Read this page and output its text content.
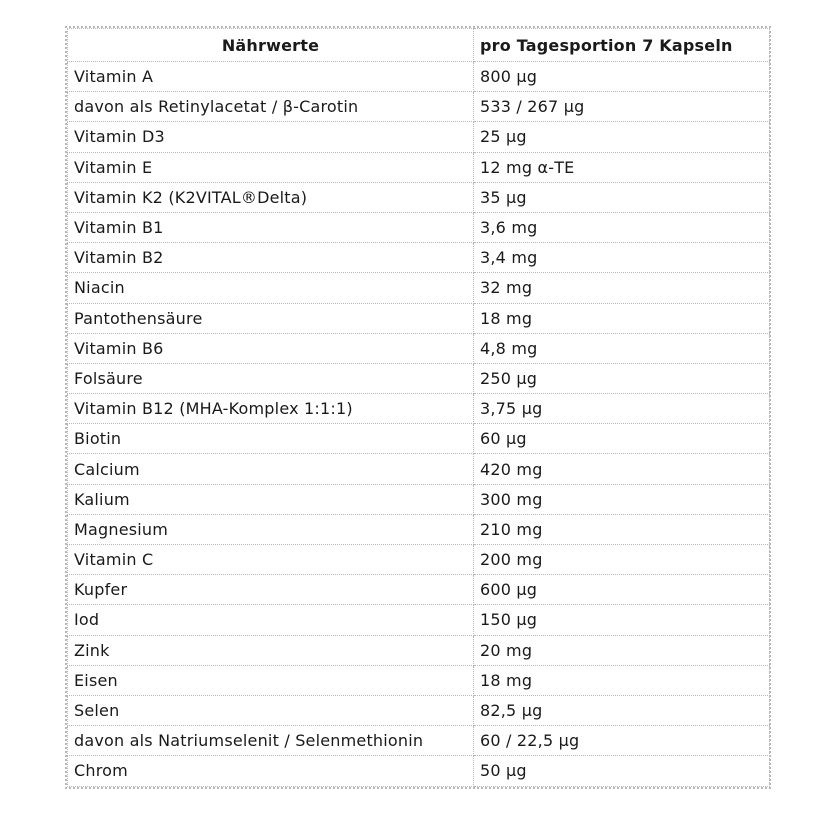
Nährwerte	pro Tagesportion 7 Kapseln
Vitamin A	800 µg
davon als Retinylacetat / β-Carotin	533 / 267 µg
Vitamin D3	25 µg
Vitamin E	12 mg α-TE
Vitamin K2 (K2VITAL®Delta)	35 µg
Vitamin B1	3,6 mg
Vitamin B2	3,4 mg
Niacin	32 mg
Pantothensäure	18 mg
Vitamin B6	4,8 mg
Folsäure	250 µg
Vitamin B12 (MHA-Komplex 1:1:1)	3,75 µg
Biotin	60 µg
Calcium	420 mg
Kalium	300 mg
Magnesium	210 mg
Vitamin C	200 mg
Kupfer	600 µg
Iod	150 µg
Zink	20 mg
Eisen	18 mg
Selen	82,5 µg
davon als Natriumselenit / Selenmethionin	60 / 22,5 µg
Chrom	50 µg
